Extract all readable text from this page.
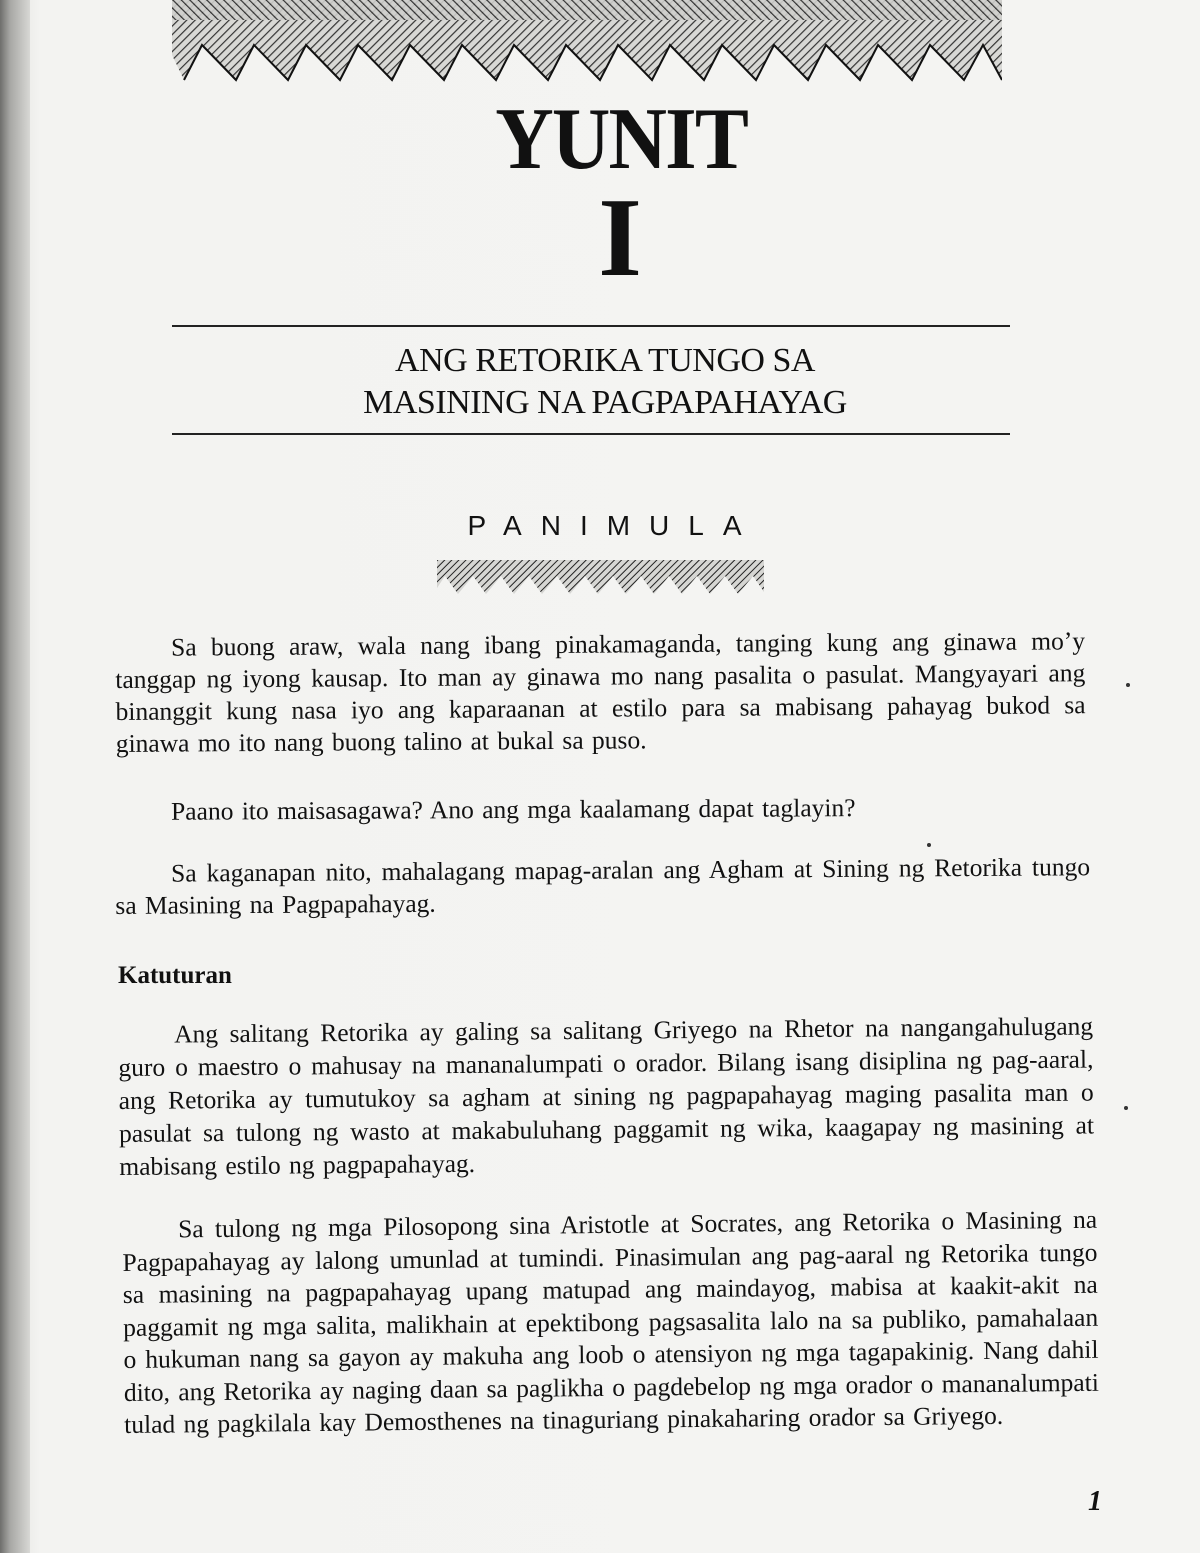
YUNIT
I
ANG RETORIKA TUNGO SA
MASINING NA PAGPAPAHAYAG
PANIMULA
Sa buong araw, wala nang ibang pinakamaganda, tanging kung ang ginawa mo’y tanggap ng iyong kausap. Ito man ay ginawa mo nang pasalita o pasulat. Mangyayari ang binanggit kung nasa iyo ang kaparaanan at estilo para sa mabisang pahayag bukod sa ginawa mo ito nang buong talino at bukal sa puso.
Paano ito maisasagawa? Ano ang mga kaalamang dapat taglayin?
Sa kaganapan nito, mahalagang mapag-aralan ang Agham at Sining ng Retorika tungo sa Masining na Pagpapahayag.
Katuturan
Ang salitang Retorika ay galing sa salitang Griyego na Rhetor na nangangahulugang guro o maestro o mahusay na mananalumpati o orador. Bilang isang disiplina ng pag-aaral, ang Retorika ay tumutukoy sa agham at sining ng pagpapahayag maging pasalita man o pasulat sa tulong ng wasto at makabuluhang paggamit ng wika, kaagapay ng masining at mabisang estilo ng pagpapahayag.
Sa tulong ng mga Pilosopong sina Aristotle at Socrates, ang Retorika o Masining na Pagpapahayag ay lalong umunlad at tumindi. Pinasimulan ang pag-aaral ng Retorika tungo sa masining na pagpapahayag upang matupad ang maindayog, mabisa at kaakit-akit na paggamit ng mga salita, malikhain at epektibong pagsasalita lalo na sa publiko, pamahalaan o hukuman nang sa gayon ay makuha ang loob o atensiyon ng mga tagapakinig. Nang dahil dito, ang Retorika ay naging daan sa paglikha o pagdebelop ng mga orador o mananalumpati tulad ng pagkilala kay Demosthenes na tinaguriang pinakaharing orador sa Griyego.
1
